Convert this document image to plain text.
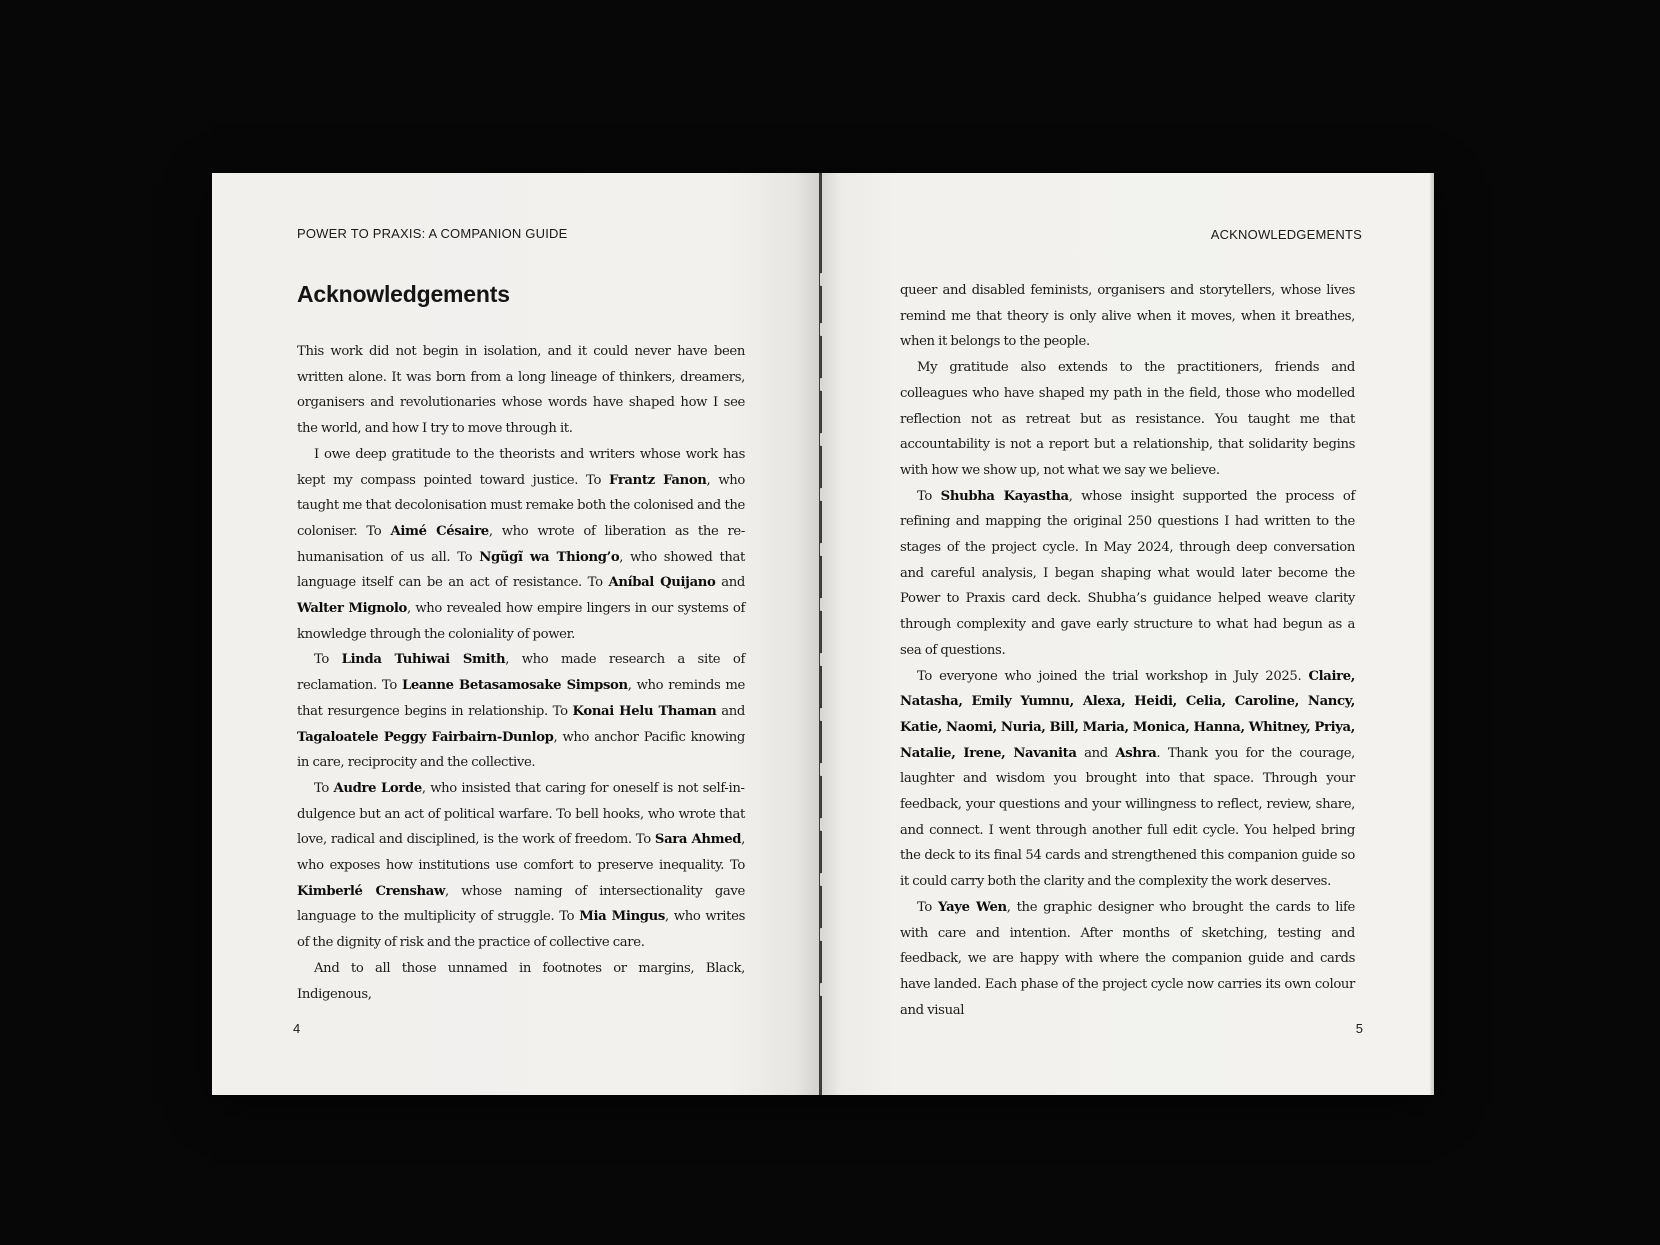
POWER TO PRAXIS: A COMPANION GUIDE
Acknowledgements

This work did not begin in isolation, and it could never have been written alone. It was born from a long lineage of thinkers, dreamers, organisers and revolutionaries whose words have shaped how I see the world, and how I try to move through it.

I owe deep gratitude to the theorists and writers whose work has kept my compass pointed toward justice. To Frantz Fanon, who taught me that decolonisation must remake both the colonised and the coloniser. To Aimé Césaire, who wrote of liberation as the re-humanisation of us all. To Ngũgĩ wa Thiong’o, who showed that language itself can be an act of resistance. To Aníbal Quijano and Walter Mignolo, who revealed how empire lingers in our systems of knowledge through the coloniality of power.

To Linda Tuhiwai Smith, who made research a site of reclamation. To Leanne Betasamosake Simpson, who reminds me that resurgence begins in relationship. To Konai Helu Thaman and Tagaloatele Peggy Fairbairn-Dunlop, who anchor Pacific knowing in care, reciprocity and the collective.

To Audre Lorde, who insisted that caring for oneself is not self-indulgence but an act of political warfare. To bell hooks, who wrote that love, radical and disciplined, is the work of freedom. To Sara Ahmed, who exposes how institutions use comfort to preserve inequality. To Kimberlé Crenshaw, whose naming of intersectionality gave language to the multiplicity of struggle. To Mia Mingus, who writes of the dignity of risk and the practice of collective care.

And to all those unnamed in footnotes or margins, Black, Indigenous,

4
ACKNOWLEDGEMENTS

queer and disabled feminists, organisers and storytellers, whose lives remind me that theory is only alive when it moves, when it breathes, when it belongs to the people.

My gratitude also extends to the practitioners, friends and colleagues who have shaped my path in the field, those who modelled reflection not as retreat but as resistance. You taught me that accountability is not a report but a relationship, that solidarity begins with how we show up, not what we say we believe.

To Shubha Kayastha, whose insight supported the process of refining and mapping the original 250 questions I had written to the stages of the project cycle. In May 2024, through deep conversation and careful analysis, I began shaping what would later become the Power to Praxis card deck. Shubha’s guidance helped weave clarity through complexity and gave early structure to what had begun as a sea of questions.

To everyone who joined the trial workshop in July 2025. Claire, Natasha, Emily Yumnu, Alexa, Heidi, Celia, Caroline, Nancy, Katie, Naomi, Nuria, Bill, Maria, Monica, Hanna, Whitney, Priya, Natalie, Irene, Navanita and Ashra. Thank you for the courage, laughter and wisdom you brought into that space. Through your feedback, your questions and your willingness to reflect, review, share, and connect. I went through another full edit cycle. You helped bring the deck to its final 54 cards and strengthened this companion guide so it could carry both the clarity and the complexity the work deserves.

To Yaye Wen, the graphic designer who brought the cards to life with care and intention. After months of sketching, testing and feedback, we are happy with where the companion guide and cards have landed. Each phase of the project cycle now carries its own colour and visual

5
